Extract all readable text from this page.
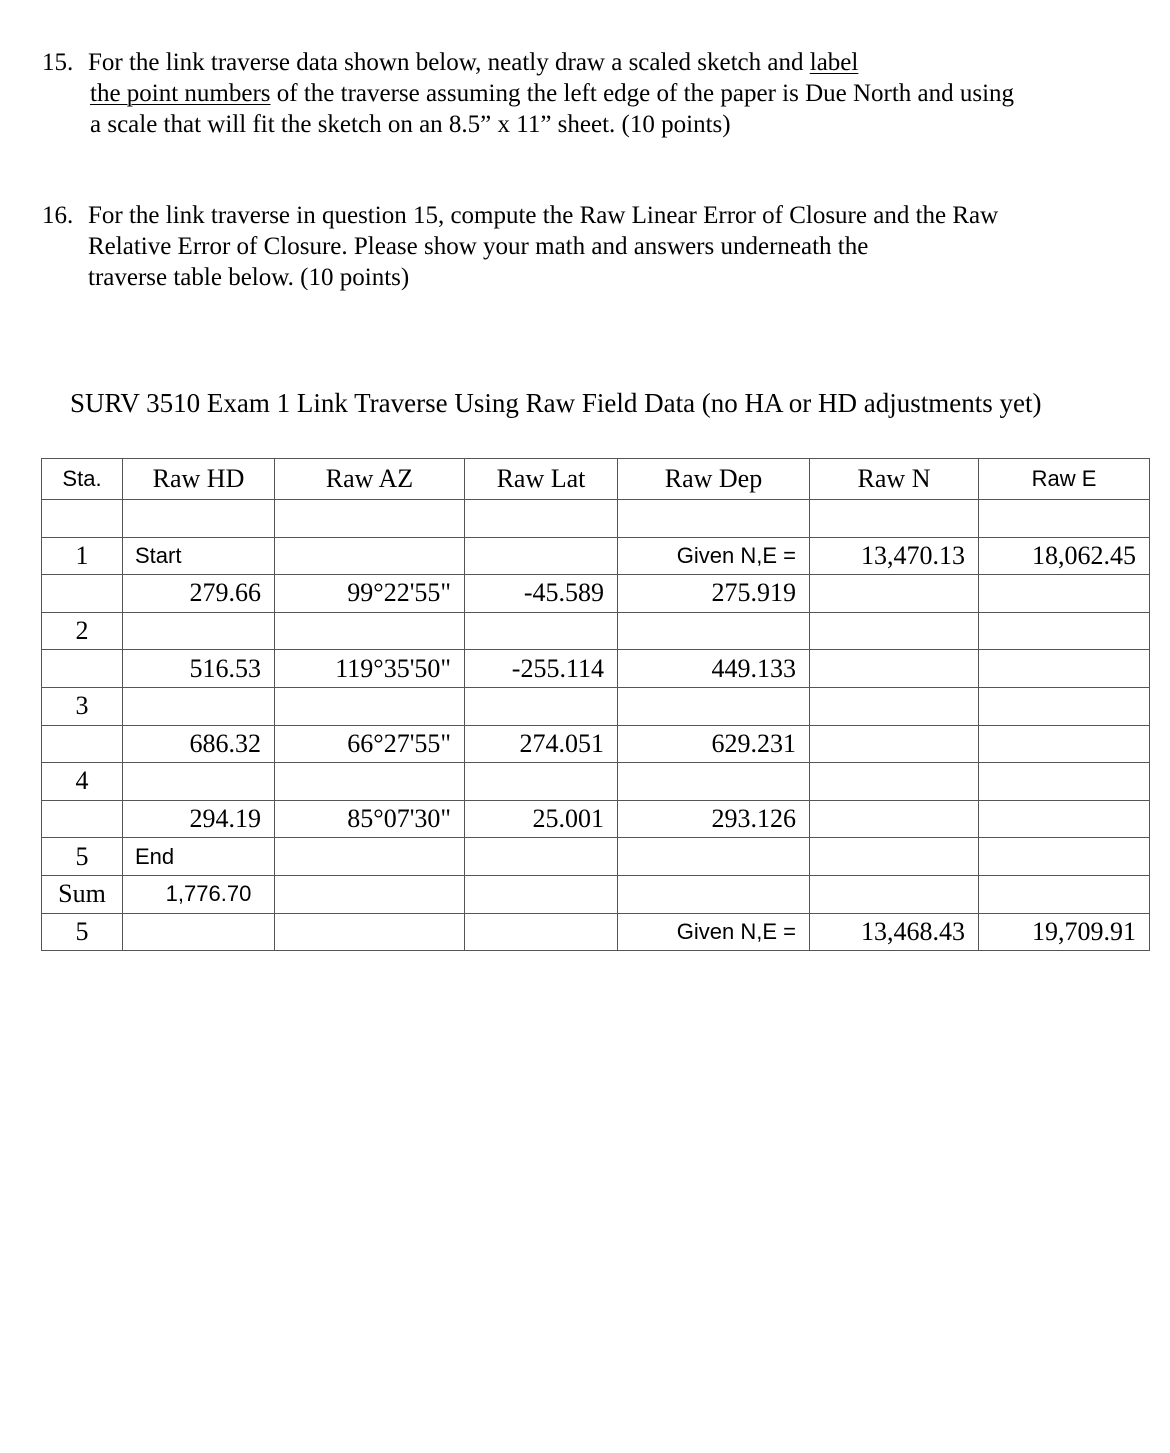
15. For the link traverse data shown below, neatly draw a scaled sketch and label
the point numbers of the traverse assuming the left edge of the paper is Due North and using
a scale that will fit the sketch on an 8.5” x 11” sheet. (10 points)
16. For the link traverse in question 15, compute the Raw Linear Error of Closure and the Raw
Relative Error of Closure. Please show your math and answers underneath the
traverse table below. (10 points)
SURV 3510 Exam 1 Link Traverse Using Raw Field Data (no HA or HD adjustments yet)
Sta.	Raw HD	Raw AZ	Raw Lat	Raw Dep	Raw N	Raw E

1	Start			Given N,E =	13,470.13	18,062.45
	279.66	99°22'55"	-45.589	275.919		
2						
	516.53	119°35'50"	-255.114	449.133		
3						
	686.32	66°27'55"	274.051	629.231		
4						
	294.19	85°07'30"	25.001	293.126		
5	End					
Sum	1,776.70					
5				Given N,E =	13,468.43	19,709.91
